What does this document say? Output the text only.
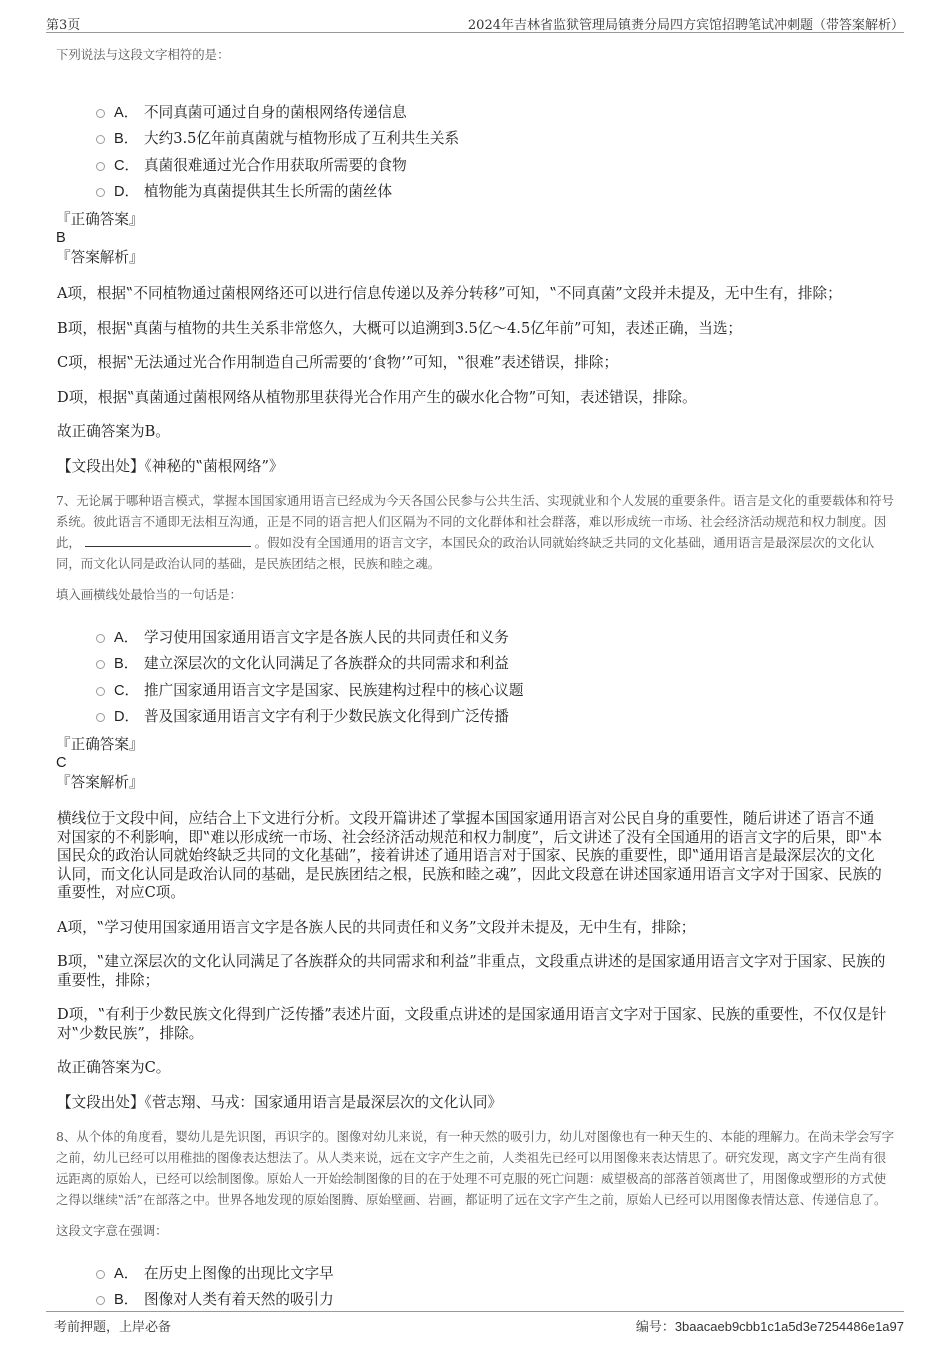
第3页	2024年吉林省监狱管理局镇赉分局四方宾馆招聘笔试冲刺题（带答案解析）

下列说法与这段文字相符的是：

A． 不同真菌可通过自身的菌根网络传递信息
B． 大约3.5亿年前真菌就与植物形成了互利共生关系
C． 真菌很难通过光合作用获取所需要的食物
D． 植物能为真菌提供其生长所需的菌丝体

『正确答案』

B

『答案解析』

A项，根据‟不同植物通过菌根网络还可以进行信息传递以及养分转移”可知，‟不同真菌”文段并未提及，无中生有，排除；

B项，根据‟真菌与植物的共生关系非常悠久，大概可以追溯到3.5亿～4.5亿年前”可知，表述正确，当选；

C项，根据‟无法通过光合作用制造自己所需要的‘食物’”可知，‟很难”表述错误，排除；

D项，根据‟真菌通过菌根网络从植物那里获得光合作用产生的碳水化合物”可知，表述错误，排除。

故正确答案为B。

【文段出处】《神秘的‟菌根网络”》

7、无论属于哪种语言模式，掌握本国国家通用语言已经成为今天各国公民参与公共生活、实现就业和个人发展的重要条件。语言是文化的重要载体和符号系统。彼此语言不通即无法相互沟通，正是不同的语言把人们区隔为不同的文化群体和社会群落，难以形成统一市场、社会经济活动规范和权力制度。因此，	。假如没有全国通用的语言文字，本国民众的政治认同就始终缺乏共同的文化基础，通用语言是最深层次的文化认同，而文化认同是政治认同的基础，是民族团结之根，民族和睦之魂。

填入画横线处最恰当的一句话是：

A． 学习使用国家通用语言文字是各族人民的共同责任和义务
B． 建立深层次的文化认同满足了各族群众的共同需求和利益
C． 推广国家通用语言文字是国家、民族建构过程中的核心议题
D． 普及国家通用语言文字有利于少数民族文化得到广泛传播

『正确答案』

C

『答案解析』

横线位于文段中间，应结合上下文进行分析。文段开篇讲述了掌握本国国家通用语言对公民自身的重要性，随后讲述了语言不通对国家的不利影响，即‟难以形成统一市场、社会经济活动规范和权力制度”，后文讲述了没有全国通用的语言文字的后果，即‟本国民众的政治认同就始终缺乏共同的文化基础”，接着讲述了通用语言对于国家、民族的重要性，即‟通用语言是最深层次的文化认同，而文化认同是政治认同的基础，是民族团结之根，民族和睦之魂”，因此文段意在讲述国家通用语言文字对于国家、民族的重要性，对应C项。

A项，‟学习使用国家通用语言文字是各族人民的共同责任和义务”文段并未提及，无中生有，排除；

B项，‟建立深层次的文化认同满足了各族群众的共同需求和利益”非重点，文段重点讲述的是国家通用语言文字对于国家、民族的重要性，排除；

D项，‟有利于少数民族文化得到广泛传播”表述片面，文段重点讲述的是国家通用语言文字对于国家、民族的重要性，不仅仅是针对‟少数民族”，排除。

故正确答案为C。

【文段出处】《菅志翔、马戎：国家通用语言是最深层次的文化认同》

8、从个体的角度看，婴幼儿是先识图，再识字的。图像对幼儿来说，有一种天然的吸引力，幼儿对图像也有一种天生的、本能的理解力。在尚未学会写字之前，幼儿已经可以用稚拙的图像表达想法了。从人类来说，远在文字产生之前，人类祖先已经可以用图像来表达情思了。研究发现，离文字产生尚有很远距离的原始人，已经可以绘制图像。原始人一开始绘制图像的目的在于处理不可克服的死亡问题：威望极高的部落首领离世了，用图像或塑形的方式使之得以继续‟活”在部落之中。世界各地发现的原始图腾、原始壁画、岩画，都证明了远在文字产生之前，原始人已经可以用图像表情达意、传递信息了。

这段文字意在强调：

A． 在历史上图像的出现比文字早
B． 图像对人类有着天然的吸引力
考前押题，上岸必备	编号：3baacaeb9cbb1c1a5d3e7254486e1a97
